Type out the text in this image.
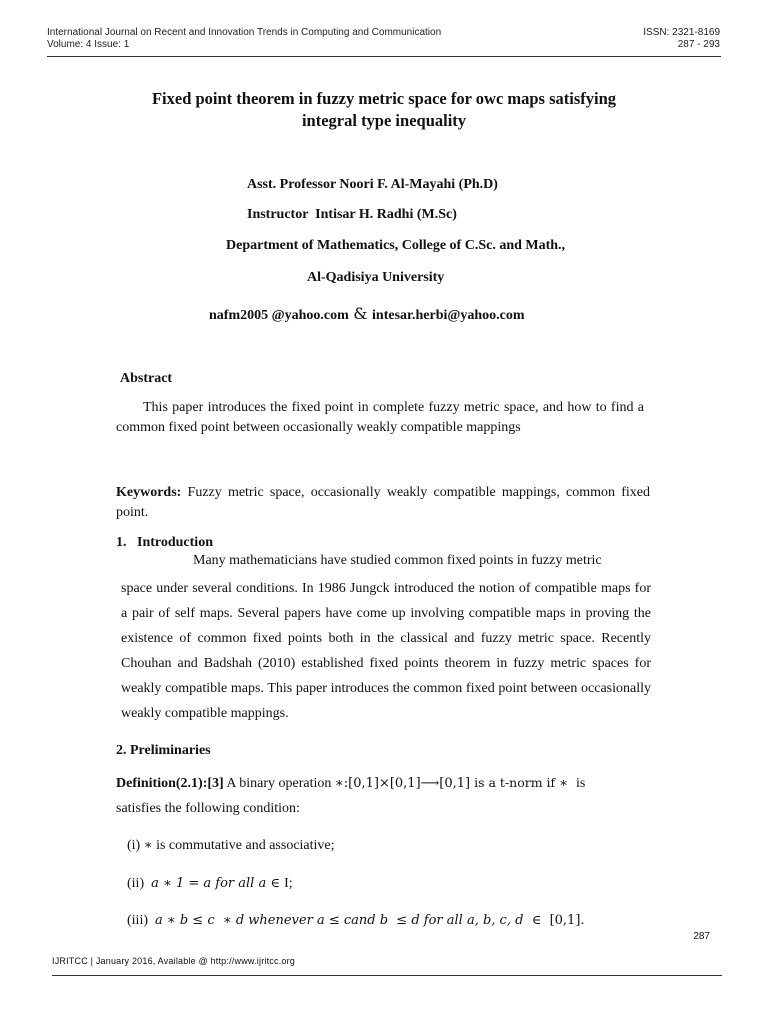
International Journal on Recent and Innovation Trends in Computing and Communication
Volume: 4 Issue: 1
ISSN: 2321-8169
287 - 293
Fixed point theorem in fuzzy metric space for owc maps satisfying
integral type inequality
Asst. Professor Noori F. Al-Mayahi (Ph.D)
Instructor  Intisar H. Radhi (M.Sc)
Department of Mathematics, College of C.Sc. and Math.,
Al-Qadisiya University
nafm2005 @yahoo.com & intesar.herbi@yahoo.com
Abstract
This paper introduces the fixed point in complete fuzzy metric space, and how to find a common fixed point between occasionally weakly compatible mappings
Keywords: Fuzzy metric space, occasionally weakly compatible mappings, common fixed point.
1.   Introduction
Many mathematicians have studied common fixed points in fuzzy metric
space under several conditions. In 1986 Jungck introduced the notion of compatible maps for a pair of self maps. Several papers have come up involving compatible maps in proving the existence of common fixed points both in the classical and fuzzy metric space. Recently Chouhan and Badshah (2010) established fixed points theorem in fuzzy metric spaces for weakly compatible maps. This paper introduces the common fixed point between occasionally weakly compatible mappings.
2. Preliminaries
Definition(2.1):[3] A binary operation ∗:[0,1]×[0,1]⟶[0,1] is a t-norm if ∗ is
satisfies the following condition:
(i) ∗ is commutative and associative;
(ii)  a ∗ 1 = a for all a ∈ I;
(iii)  a ∗ b ≤ c  ∗ d whenever a ≤ cand b  ≤ d for all a, b, c, d  ∈  [0,1].
287
IJRITCC | January 2016, Available @ http://www.ijritcc.org
